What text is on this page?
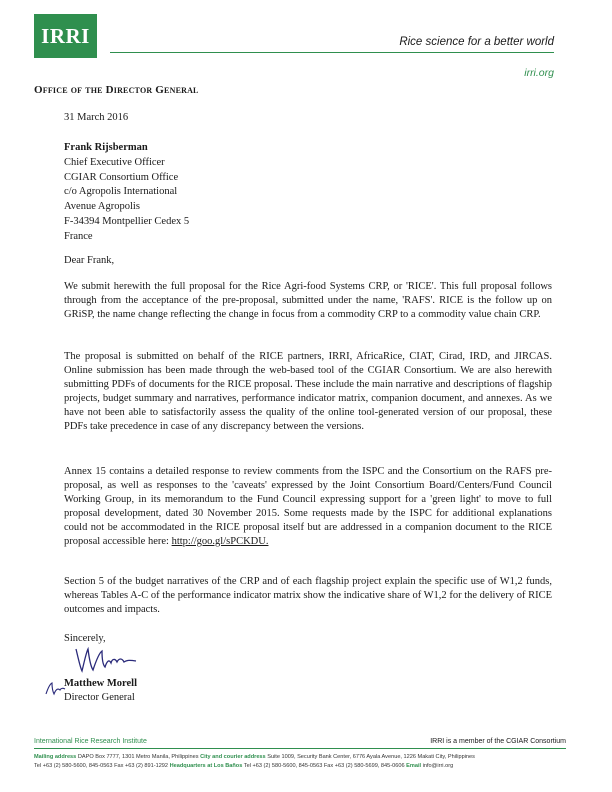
IRRI	Rice science for a better world
irri.org
Office of the Director General
31 March 2016
Frank Rijsberman
Chief Executive Officer
CGIAR Consortium Office
c/o Agropolis International
Avenue Agropolis
F-34394 Montpellier Cedex 5
France
Dear Frank,
We submit herewith the full proposal for the Rice Agri-food Systems CRP, or 'RICE'. This full proposal follows through from the acceptance of the pre-proposal, submitted under the name, 'RAFS'. RICE is the follow up on GRiSP, the name change reflecting the change in focus from a commodity CRP to a commodity value chain CRP.
The proposal is submitted on behalf of the RICE partners, IRRI, AfricaRice, CIAT, Cirad, IRD, and JIRCAS. Online submission has been made through the web-based tool of the CGIAR Consortium. We are also herewith submitting PDFs of documents for the RICE proposal. These include the main narrative and descriptions of flagship projects, budget summary and narratives, performance indicator matrix, companion document, and annexes. As we have not been able to satisfactorily assess the quality of the online tool-generated version of our proposal, these PDFs take precedence in case of any discrepancy between the versions.
Annex 15 contains a detailed response to review comments from the ISPC and the Consortium on the RAFS pre-proposal, as well as responses to the 'caveats' expressed by the Joint Consortium Board/Centers/Fund Council Working Group, in its memorandum to the Fund Council expressing support for a 'green light' to move to full proposal development, dated 30 November 2015. Some requests made by the ISPC for additional explanations could not be accommodated in the RICE proposal itself but are addressed in a companion document to the RICE proposal accessible here: http://goo.gl/sPCKDU.
Section 5 of the budget narratives of the CRP and of each flagship project explain the specific use of W1,2 funds, whereas Tables A-C of the performance indicator matrix show the indicative share of W1,2 for the delivery of RICE outcomes and impacts.
Sincerely,
Matthew Morell
Director General
International Rice Research Institute	IRRI is a member of the CGIAR Consortium
Mailing address DAPO Box 7777, 1301 Metro Manila, Philippines City and courier address Suite 1009, Security Bank Center, 6776 Ayala Avenue, 1226 Makati City, Philippines
Tel +63 (2) 580-5600, 845-0563 Fax +63 (2) 891-1292 Headquarters at Los Baños Tel +63 (2) 580-5600, 845-0563 Fax +63 (2) 580-5699, 845-0606 Email info@irri.org
